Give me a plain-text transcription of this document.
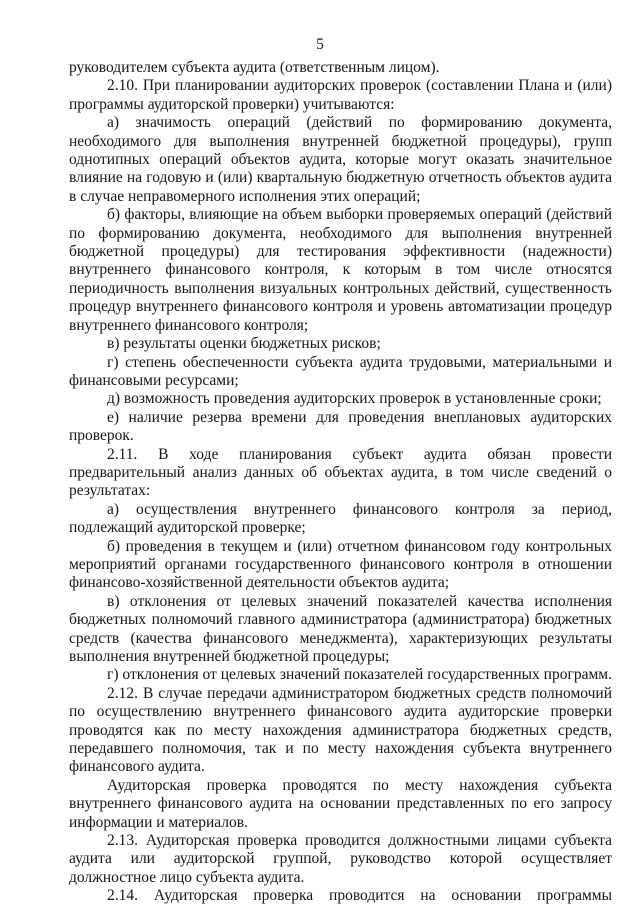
5

руководителем субъекта аудита (ответственным лицом).

2.10. При планировании аудиторских проверок (составлении Плана и (или) программы аудиторской проверки) учитываются:

а) значимость операций (действий по формированию документа, необходимого для выполнения внутренней бюджетной процедуры), групп однотипных операций объектов аудита, которые могут оказать значительное влияние на годовую и (или) квартальную бюджетную отчетность объектов аудита в случае неправомерного исполнения этих операций;

б) факторы, влияющие на объем выборки проверяемых операций (действий по формированию документа, необходимого для выполнения внутренней бюджетной процедуры) для тестирования эффективности (надежности) внутреннего финансового контроля, к которым в том числе относятся периодичность выполнения визуальных контрольных действий, существенность процедур внутреннего финансового контроля и уровень автоматизации процедур внутреннего финансового контроля;

в) результаты оценки бюджетных рисков;

г) степень обеспеченности субъекта аудита трудовыми, материальными и финансовыми ресурсами;

д) возможность проведения аудиторских проверок в установленные сроки;

е) наличие резерва времени для проведения внеплановых аудиторских проверок.

2.11. В ходе планирования субъект аудита обязан провести предварительный анализ данных об объектах аудита, в том числе сведений о результатах:

а) осуществления внутреннего финансового контроля за период, подлежащий аудиторской проверке;

б) проведения в текущем и (или) отчетном финансовом году контрольных мероприятий органами государственного финансового контроля в отношении финансово-хозяйственной деятельности объектов аудита;

в) отклонения от целевых значений показателей качества исполнения бюджетных полномочий главного администратора (администратора) бюджетных средств (качества финансового менеджмента), характеризующих результаты выполнения внутренней бюджетной процедуры;

г) отклонения от целевых значений показателей государственных программ.

2.12. В случае передачи администратором бюджетных средств полномочий по осуществлению внутреннего финансового аудита аудиторские проверки проводятся как по месту нахождения администратора бюджетных средств, передавшего полномочия, так и по месту нахождения субъекта внутреннего финансового аудита.

Аудиторская проверка проводятся по месту нахождения субъекта внутреннего финансового аудита на основании представленных по его запросу информации и материалов.

2.13. Аудиторская проверка проводится должностными лицами субъекта аудита или аудиторской группой, руководство которой осуществляет должностное лицо субъекта аудита.

2.14. Аудиторская проверка проводится на основании программы
